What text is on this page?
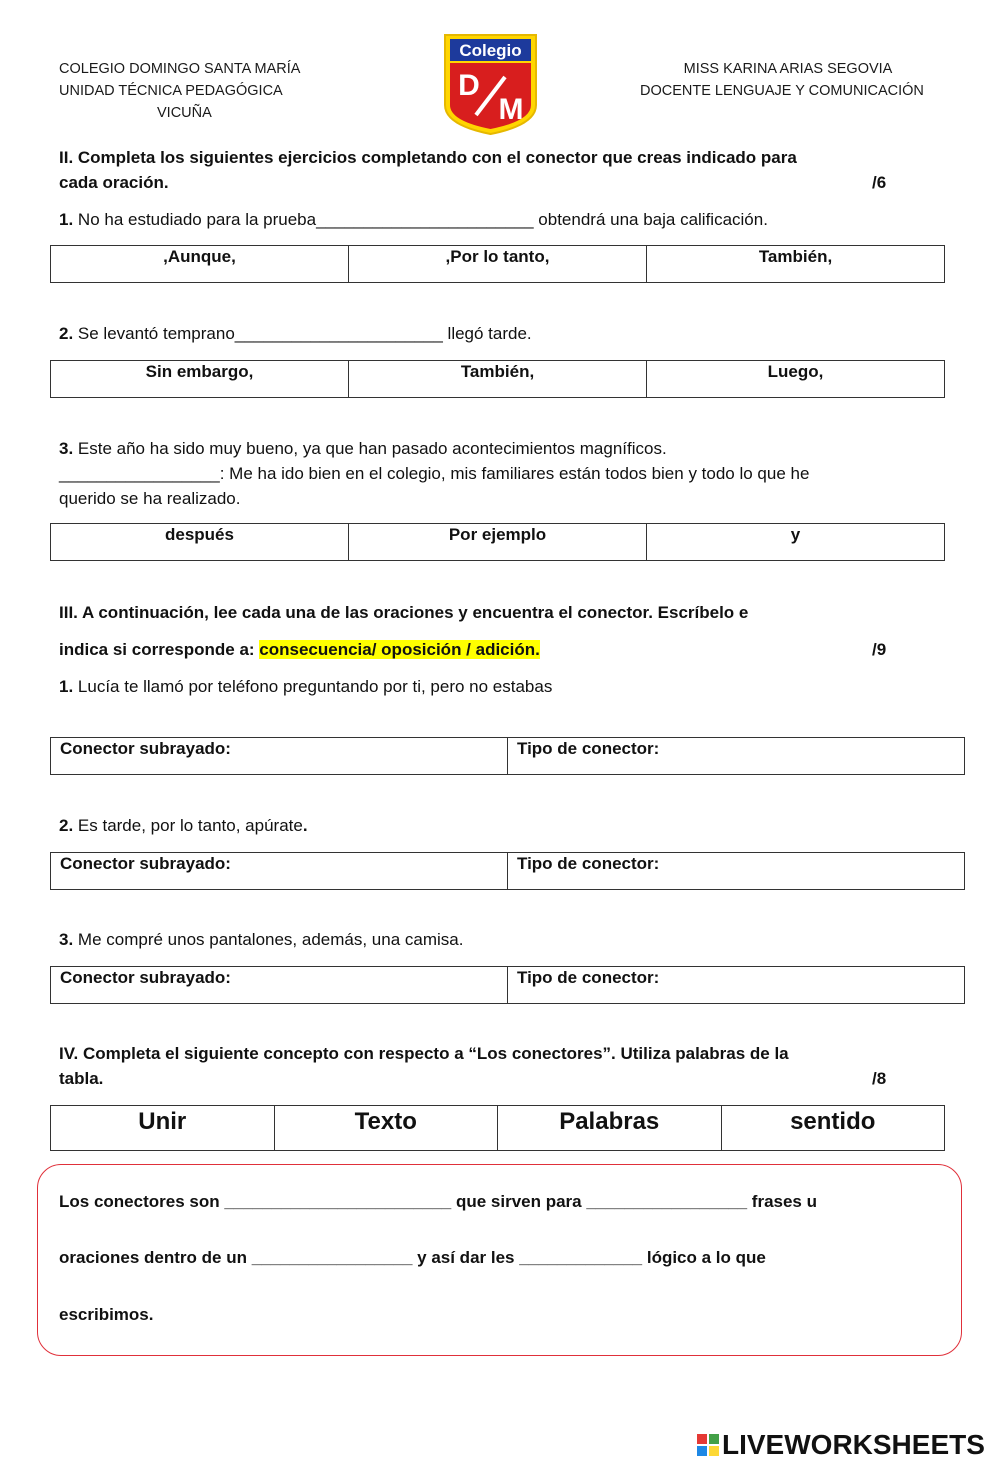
COLEGIO DOMINGO SANTA MARÍA
UNIDAD TÉCNICA PEDAGÓGICA
VICUÑA
MISS KARINA ARIAS SEGOVIA
DOCENTE LENGUAJE Y COMUNICACIÓN
Colegio
D
M
II. Completa los siguientes ejercicios completando con el conector que creas indicado para
cada oración.	/6
1. No ha estudiado para la prueba_______________________ obtendrá una baja calificación.
,Aunque,	,Por lo tanto,	También,
2. Se levantó temprano______________________ llegó tarde.
Sin embargo,	También,	Luego,
3. Este año ha sido muy bueno, ya que han pasado acontecimientos magníficos.
_________________: Me ha ido bien en el colegio, mis familiares están todos bien y todo lo que he
querido se ha realizado.
después	Por ejemplo	y
III. A continuación, lee cada una de las oraciones y encuentra el conector. Escríbelo e
indica si corresponde a: consecuencia/ oposición / adición.	/9
1. Lucía te llamó por teléfono preguntando por ti, pero no estabas
Conector subrayado:	Tipo de conector:
2. Es tarde, por lo tanto, apúrate.
Conector subrayado:	Tipo de conector:
3. Me compré unos pantalones, además, una camisa.
Conector subrayado:	Tipo de conector:
IV. Completa el siguiente concepto con respecto a “Los conectores”. Utiliza palabras de la
tabla.	/8
Unir	Texto	Palabras	sentido
Los conectores son ________________________ que sirven para _________________ frases u
oraciones dentro de un _________________ y así dar les _____________ lógico a lo que
escribimos.
LIVEWORKSHEETS
